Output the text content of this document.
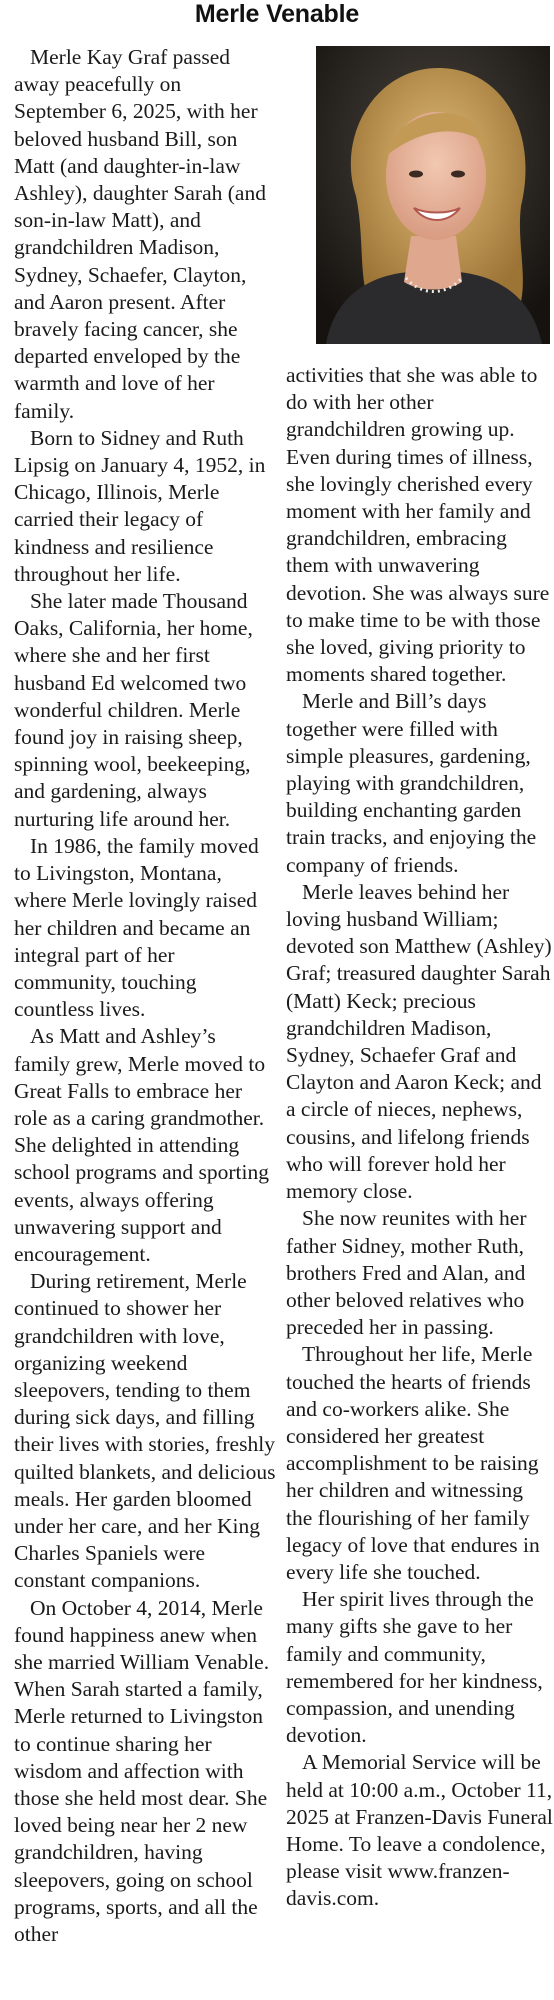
Merle Venable

Merle Kay Graf passed away peacefully on September 6, 2025, with her beloved husband Bill, son Matt (and daughter-in-law Ashley), daughter Sarah (and son-in-law Matt), and grandchildren Madison, Sydney, Schaefer, Clayton, and Aaron present. After bravely facing cancer, she departed enveloped by the warmth and love of her family.

Born to Sidney and Ruth Lipsig on January 4, 1952, in Chicago, Illinois, Merle carried their legacy of kindness and resilience throughout her life.

She later made Thousand Oaks, California, her home, where she and her first husband Ed welcomed two wonderful children. Merle found joy in raising sheep, spinning wool, beekeeping, and gardening, always nurturing life around her.

In 1986, the family moved to Livingston, Montana, where Merle lovingly raised her children and became an integral part of her community, touching countless lives.

As Matt and Ashley’s family grew, Merle moved to Great Falls to embrace her role as a caring grandmother. She delighted in attending school programs and sporting events, always offering unwavering support and encouragement.

During retirement, Merle continued to shower her grandchildren with love, organizing weekend sleepovers, tending to them during sick days, and filling their lives with stories, freshly quilted blankets, and delicious meals. Her garden bloomed under her care, and her King Charles Spaniels were constant companions.

On October 4, 2014, Merle found happiness anew when she married William Venable. When Sarah started a family, Merle returned to Livingston to continue sharing her wisdom and affection with those she held most dear. She loved being near her 2 new grandchildren, having sleepovers, going on school programs, sports, and all the other

activities that she was able to do with her other grandchildren growing up. Even during times of illness, she lovingly cherished every moment with her family and grandchildren, embracing them with unwavering devotion. She was always sure to make time to be with those she loved, giving priority to moments shared together.

Merle and Bill’s days together were filled with simple pleasures, gardening, playing with grandchildren, building enchanting garden train tracks, and enjoying the company of friends.

Merle leaves behind her loving husband William; devoted son Matthew (Ashley) Graf; treasured daughter Sarah (Matt) Keck; precious grandchildren Madison, Sydney, Schaefer Graf and Clayton and Aaron Keck; and a circle of nieces, nephews, cousins, and lifelong friends who will forever hold her memory close.

She now reunites with her father Sidney, mother Ruth, brothers Fred and Alan, and other beloved relatives who preceded her in passing.

Throughout her life, Merle touched the hearts of friends and co-workers alike. She considered her greatest accomplishment to be raising her children and witnessing the flourishing of her family legacy of love that endures in every life she touched.

Her spirit lives through the many gifts she gave to her family and community, remembered for her kindness, compassion, and unending devotion.

A Memorial Service will be held at 10:00 a.m., October 11, 2025 at Franzen-Davis Funeral Home. To leave a condolence, please visit www.franzen-davis.com.
